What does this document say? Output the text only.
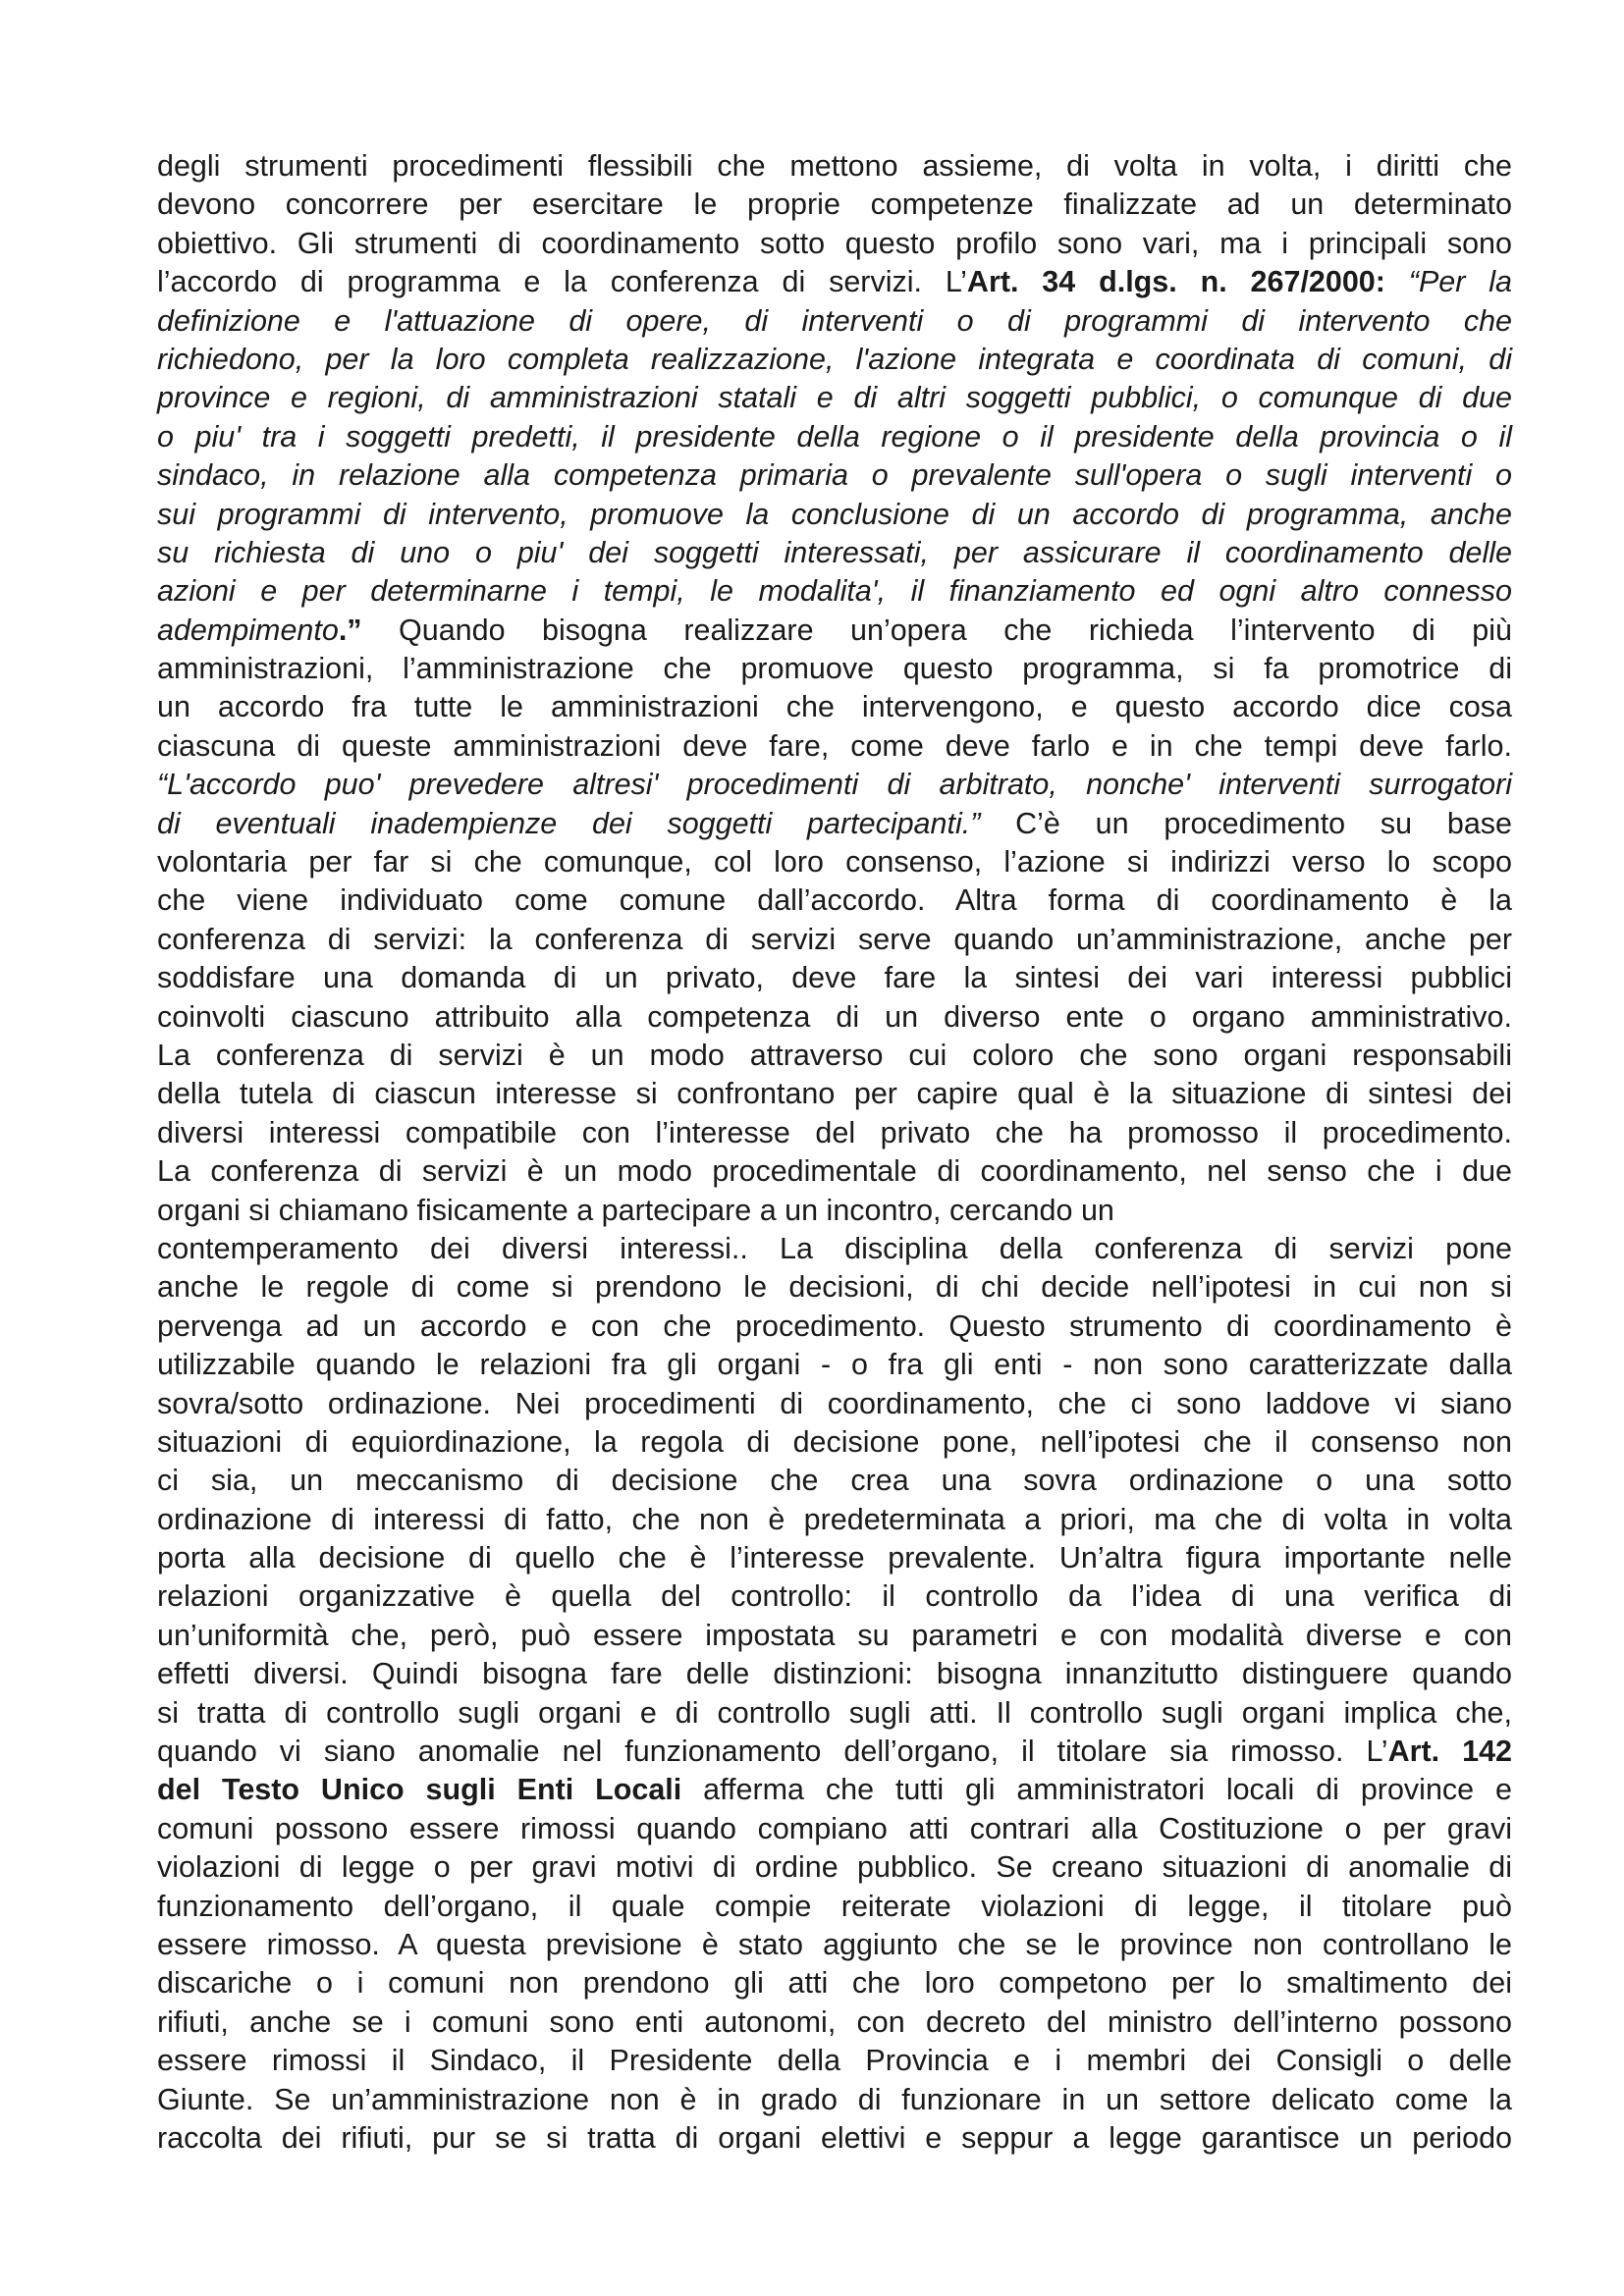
degli strumenti procedimenti flessibili che mettono assieme, di volta in volta, i diritti che
devono concorrere per esercitare le proprie competenze finalizzate ad un determinato
obiettivo. Gli strumenti di coordinamento sotto questo profilo sono vari, ma i principali sono
l’accordo di programma e la conferenza di servizi. L’Art. 34 d.lgs. n. 267/2000: “Per la
definizione e l'attuazione di opere, di interventi o di programmi di intervento che
richiedono, per la loro completa realizzazione, l'azione integrata e coordinata di comuni, di
province e regioni, di amministrazioni statali e di altri soggetti pubblici, o comunque di due
o piu' tra i soggetti predetti, il presidente della regione o il presidente della provincia o il
sindaco, in relazione alla competenza primaria o prevalente sull'opera o sugli interventi o
sui programmi di intervento, promuove la conclusione di un accordo di programma, anche
su richiesta di uno o piu' dei soggetti interessati, per assicurare il coordinamento delle
azioni e per determinarne i tempi, le modalita', il finanziamento ed ogni altro connesso
adempimento.” Quando bisogna realizzare un’opera che richieda l’intervento di più
amministrazioni, l’amministrazione che promuove questo programma, si fa promotrice di
un accordo fra tutte le amministrazioni che intervengono, e questo accordo dice cosa
ciascuna di queste amministrazioni deve fare, come deve farlo e in che tempi deve farlo.
“L'accordo puo' prevedere altresi' procedimenti di arbitrato, nonche' interventi surrogatori
di eventuali inadempienze dei soggetti partecipanti.” C’è un procedimento su base
volontaria per far si che comunque, col loro consenso, l’azione si indirizzi verso lo scopo
che viene individuato come comune dall’accordo. Altra forma di coordinamento è la
conferenza di servizi: la conferenza di servizi serve quando un’amministrazione, anche per
soddisfare una domanda di un privato, deve fare la sintesi dei vari interessi pubblici
coinvolti ciascuno attribuito alla competenza di un diverso ente o organo amministrativo.
La conferenza di servizi è un modo attraverso cui coloro che sono organi responsabili
della tutela di ciascun interesse si confrontano per capire qual è la situazione di sintesi dei
diversi interessi compatibile con l’interesse del privato che ha promosso il procedimento.
La conferenza di servizi è un modo procedimentale di coordinamento, nel senso che i due
organi si chiamano fisicamente a partecipare a un incontro, cercando un
contemperamento dei diversi interessi.. La disciplina della conferenza di servizi pone
anche le regole di come si prendono le decisioni, di chi decide nell’ipotesi in cui non si
pervenga ad un accordo e con che procedimento. Questo strumento di coordinamento è
utilizzabile quando le relazioni fra gli organi - o fra gli enti - non sono caratterizzate dalla
sovra/sotto ordinazione. Nei procedimenti di coordinamento, che ci sono laddove vi siano
situazioni di equiordinazione, la regola di decisione pone, nell’ipotesi che il consenso non
ci sia, un meccanismo di decisione che crea una sovra ordinazione o una sotto
ordinazione di interessi di fatto, che non è predeterminata a priori, ma che di volta in volta
porta alla decisione di quello che è l’interesse prevalente. Un’altra figura importante nelle
relazioni organizzative è quella del controllo: il controllo da l’idea di una verifica di
un’uniformità che, però, può essere impostata su parametri e con modalità diverse e con
effetti diversi. Quindi bisogna fare delle distinzioni: bisogna innanzitutto distinguere quando
si tratta di controllo sugli organi e di controllo sugli atti. Il controllo sugli organi implica che,
quando vi siano anomalie nel funzionamento dell’organo, il titolare sia rimosso. L’Art. 142
del Testo Unico sugli Enti Locali afferma che tutti gli amministratori locali di province e
comuni possono essere rimossi quando compiano atti contrari alla Costituzione o per gravi
violazioni di legge o per gravi motivi di ordine pubblico. Se creano situazioni di anomalie di
funzionamento dell’organo, il quale compie reiterate violazioni di legge, il titolare può
essere rimosso. A questa previsione è stato aggiunto che se le province non controllano le
discariche o i comuni non prendono gli atti che loro competono per lo smaltimento dei
rifiuti, anche se i comuni sono enti autonomi, con decreto del ministro dell’interno possono
essere rimossi il Sindaco, il Presidente della Provincia e i membri dei Consigli o delle
Giunte. Se un’amministrazione non è in grado di funzionare in un settore delicato come la
raccolta dei rifiuti, pur se si tratta di organi elettivi e seppur a legge garantisce un periodo
